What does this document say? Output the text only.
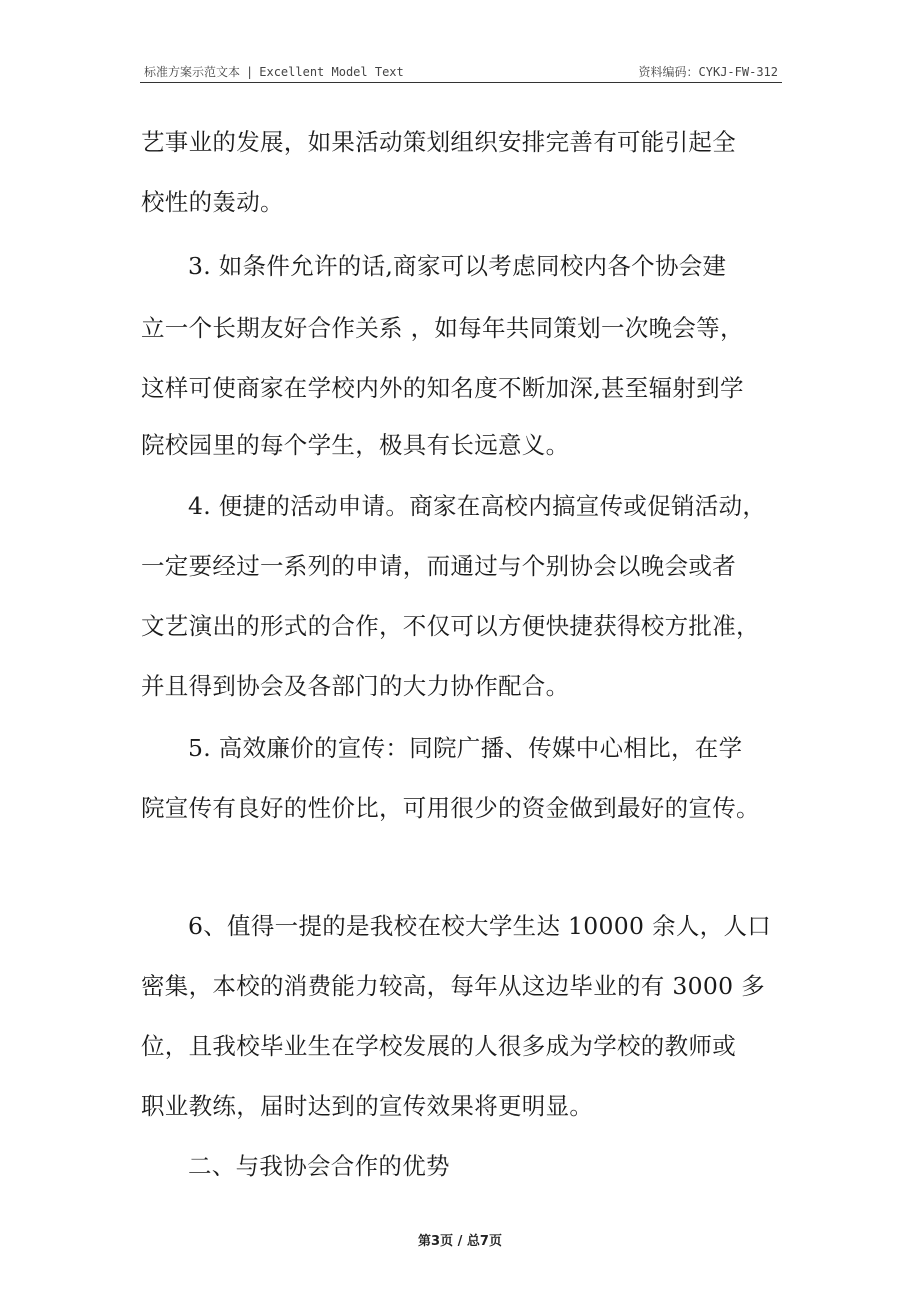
标准方案示范文本 | Excellent Model Text	资料编码：CYKJ-FW-312
艺事业的发展，如果活动策划组织安排完善有可能引起全
校性的轰动。
3. 如条件允许的话,商家可以考虑同校内各个协会建
立一个长期友好合作关系 ，如每年共同策划一次晚会等，
这样可使商家在学校内外的知名度不断加深,甚至辐射到学
院校园里的每个学生，极具有长远意义。
4. 便捷的活动申请。商家在高校内搞宣传或促销活动，
一定要经过一系列的申请，而通过与个别协会以晚会或者
文艺演出的形式的合作，不仅可以方便快捷获得校方批准，
并且得到协会及各部门的大力协作配合。
5. 高效廉价的宣传：同院广播、传媒中心相比，在学
院宣传有良好的性价比，可用很少的资金做到最好的宣传。
6、值得一提的是我校在校大学生达 10000 余人，人口
密集，本校的消费能力较高，每年从这边毕业的有 3000 多
位，且我校毕业生在学校发展的人很多成为学校的教师或
职业教练，届时达到的宣传效果将更明显。
二、与我协会合作的优势
第3页 / 总7页
